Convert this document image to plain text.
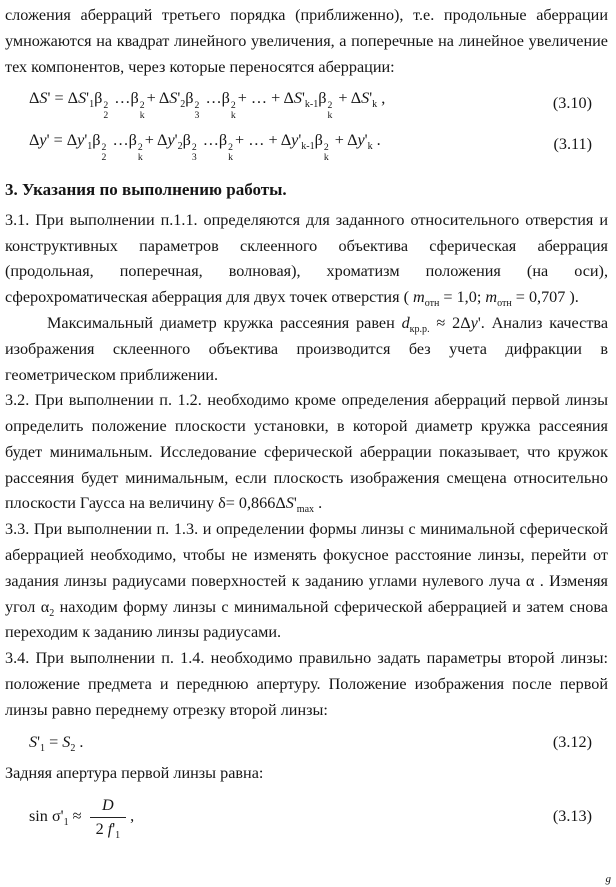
сложения аберраций третьего порядка (приближенно), т.е. продольные аберрации умножаются на квадрат линейного увеличения, а поперечные на линейное увеличение тех компонентов, через которые переносятся аберрации:

$\Delta S' = \Delta S'_1\beta$ 2
2
…β 2
k
+ $\Delta S'_2\beta$ 2
3
…β 2
k
+ … + $\Delta S'_{k-1}\beta$ 2
k
+ $\Delta S'_k$ ,	(3.10)
$\Delta y' = \Delta y'_1\beta$ 2
2
…β 2
k
+ $\Delta y'_2\beta$ 2
3
…β 2
k
+ … + $\Delta y'_{k-1}\beta$ 2
k
+ $\Delta y'_k$ .	(3.11)
3. Указания по выполнению работы.

3.1. При выполнении п.1.1. определяются для заданного относительного отверстия и конструктивных параметров склеенного объектива сферическая аберрация (продольная, поперечная, волновая), хроматизм положения (на оси), сферохроматическая аберрация для двух точек отверстия ( $m_{отн} = 1,0$; $m_{отн} = 0,707$ ).

Максимальный диаметр кружка рассеяния равен $d_{кр.р.} \approx 2\Delta y'$. Анализ качества изображения склеенного объектива производится без учета дифракции в геометрическом приближении.

3.2. При выполнении п. 1.2. необходимо кроме определения аберраций первой линзы определить положение плоскости установки, в которой диаметр кружка рассеяния будет минимальным. Исследование сферической аберрации показывает, что кружок рассеяния будет минимальным, если плоскость изображения смещена относительно плоскости Гаусса на величину $\delta= 0,866\Delta S'_{max}$ .

3.3. При выполнении п. 1.3. и определении формы линзы с минимальной сферической аберрацией необходимо, чтобы не изменять фокусное расстояние линзы, перейти от задания линзы радиусами поверхностей к заданию углами нулевого луча α . Изменяя угол $\alpha_2$ находим форму линзы с минимальной сферической аберрацией и затем снова переходим к заданию линзы радиусами.

3.4. При выполнении п. 1.4. необходимо правильно задать параметры второй линзы: положение предмета и переднюю апертуру. Положение изображения после первой линзы равно переднему отрезку второй линзы:

$S'_1 = S_2$ .	(3.12)

Задняя апертура первой линзы равна:

$\sin \sigma'_1 \approx \frac{D}{2 f'_1}$ ,	(3.13)
g
